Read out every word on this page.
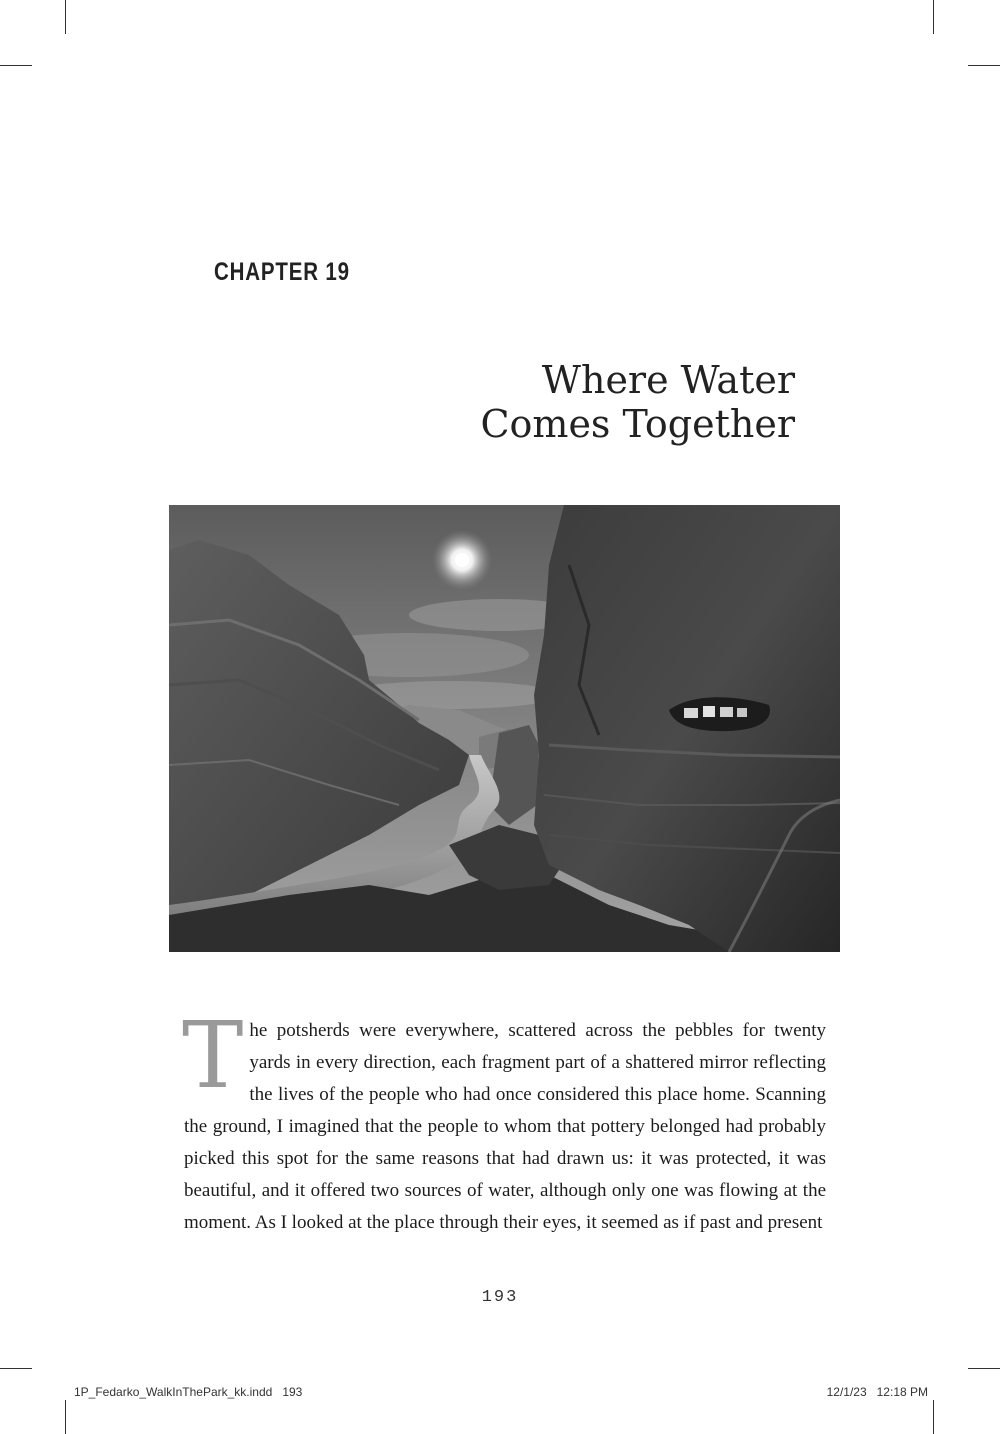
CHAPTER 19
Where Water
Comes Together

The potsherds were everywhere, scattered across the pebbles for twenty yards in every direction, each fragment part of a shattered mirror reflecting the lives of the people who had once considered this place home. Scanning the ground, I imagined that the people to whom that pottery belonged had probably picked this spot for the same reasons that had drawn us: it was protected, it was beautiful, and it offered two sources of water, although only one was flowing at the moment. As I looked at the place through their eyes, it seemed as if past and present

193
1P_Fedarko_WalkInThePark_kk.indd   193	12/1/23   12:18 PM
